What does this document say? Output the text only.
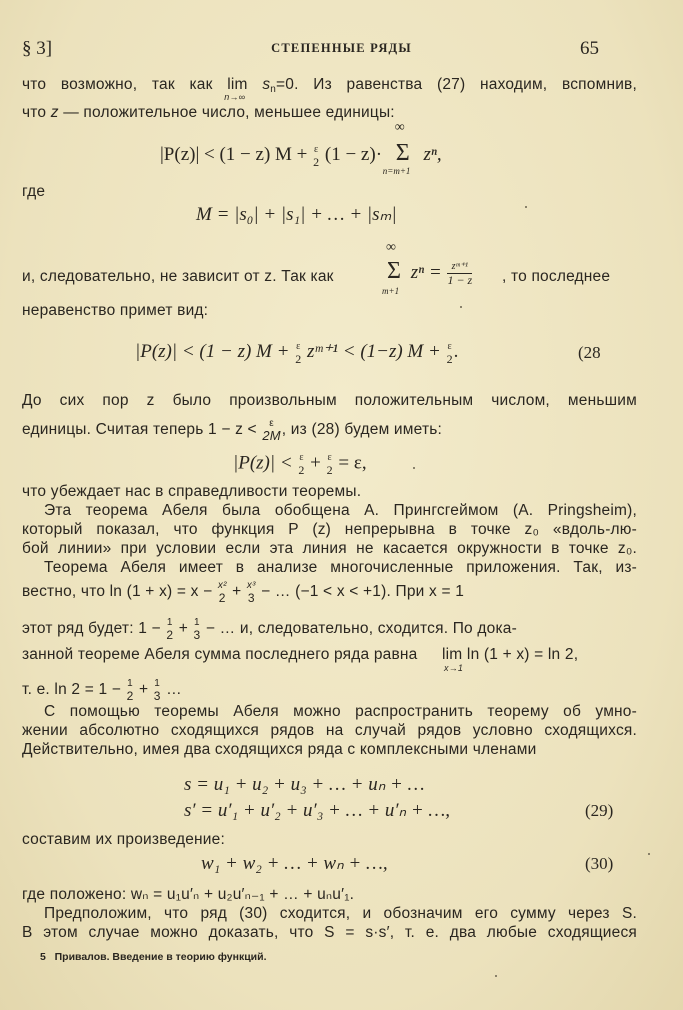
§ 3]	СТЕПЕННЫЕ РЯДЫ	65
что возможно, так как lim
n→∞
$s_n=0$. Из равенства (27) находим, вспомнив,
что z — положительное число, меньшее единицы:
|P(z)| < (1 − z) M + ε
2 (1 − z)·
∞
Σ
n=m+1
zⁿ,
где
M = |s₀| + |s₁| + … + |sₘ|
и, следовательно, не зависит от z. Так как
∞
Σ
m+1
$z^n = \frac{\text{zᵐ⁺¹}}{1 - z}$ , то последнее
неравенство примет вид:
|P(z)| < (1 − z) M + ε
2 zᵐ⁺¹ < (1−z) M + ε
2 .	(28
До сих пор z было произвольным положительным числом, меньшим
единицы. Считая теперь 1 − z <	ε
2M , из (28) будем иметь:
|P(z)| < ε
2 + ε
2 = ε,
что убеждает нас в справедливости теоремы.
Эта теорема Абеля была обобщена А. Прингсгеймом (A. Pringsheim),
который показал, что функция P (z) непрерывна в точке z₀ «вдоль-лю-
бой линии» при условии если эта линия не касается окружности в точке z₀.
Теорема Абеля имеет в анализе многочисленные приложения. Так, из-
вестно, что ln (1 + x) = x − x²
2 + x³
3 − … (−1 < x < +1). При x = 1
этот ряд будет: 1 − 1
2 + 1
3 − … и, следовательно, сходится. По дока-
занной теореме Абеля сумма последнего ряда равна lim ln (1 + x) = ln 2,
x→1
т. е. ln 2 = 1 − 1
2 + 1
3 …
С помощью теоремы Абеля можно распространить теорему об умно-
жении абсолютно сходящихся рядов на случай рядов условно сходящихся.
Действительно, имея два сходящихся ряда с комплексными членами
s = u₁ + u₂ + u₃ + … + uₙ + …
s′ = u′₁ + u′₂ + u′₃ + … + u′ₙ + …,	(29)
составим их произведение:
w₁ + w₂ + … + wₙ + …,	(30)
где положено: wₙ = u₁u′ₙ + u₂u′ₙ₋₁ + … + uₙu′₁.
Предположим, что ряд (30) сходится, и обозначим его сумму через S.
В этом случае можно доказать, что S = s·s′, т. е. два любые сходящиеся
5 Привалов. Введение в теорию функций.
